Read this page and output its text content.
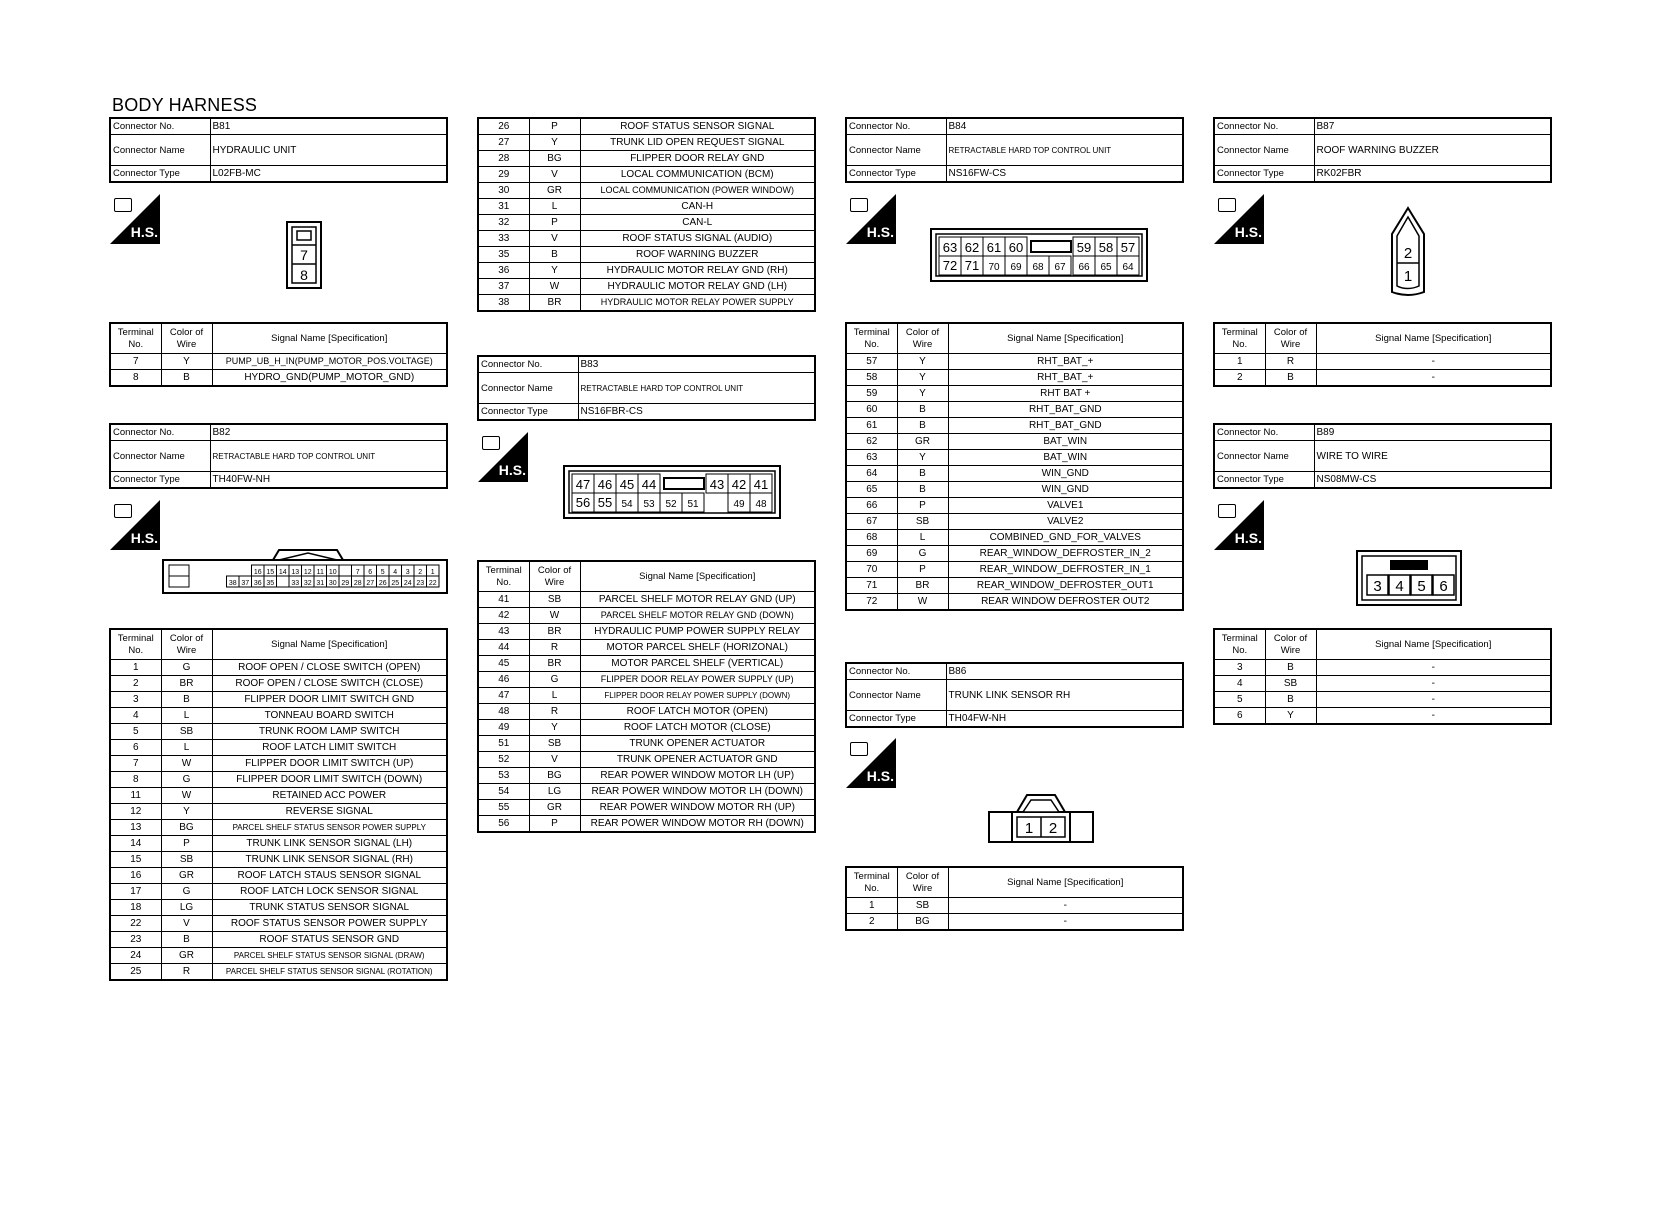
BODY HARNESS
Connector No.	B81
Connector Name	HYDRAULIC UNIT
Connector Type	L02FB-MC
H.S.
7
8
Terminal No.	Color of Wire	Signal Name [Specification]
7	Y	PUMP_UB_H_IN(PUMP_MOTOR_POS.VOLTAGE)
8	B	HYDRO_GND(PUMP_MOTOR_GND)
Connector No.	B82
Connector Name	RETRACTABLE HARD TOP CONTROL UNIT
Connector Type	TH40FW-NH
H.S.
16 15 14 13 12 11 10	7 6 5 4 3 2 1
38 37 36 35 33 32 31 30 29 28 27 26 25 24 23 22
Terminal No.	Color of Wire	Signal Name [Specification]
1	G	ROOF OPEN / CLOSE SWITCH (OPEN)
2	BR	ROOF OPEN / CLOSE SWITCH (CLOSE)
3	B	FLIPPER DOOR LIMIT SWITCH GND
4	L	TONNEAU BOARD SWITCH
5	SB	TRUNK ROOM LAMP SWITCH
6	L	ROOF LATCH LIMIT SWITCH
7	W	FLIPPER DOOR LIMIT SWITCH (UP)
8	G	FLIPPER DOOR LIMIT SWITCH (DOWN)
11	W	RETAINED ACC POWER
12	Y	REVERSE SIGNAL
13	BG	PARCEL SHELF STATUS SENSOR POWER SUPPLY
14	P	TRUNK LINK SENSOR SIGNAL (LH)
15	SB	TRUNK LINK SENSOR SIGNAL (RH)
16	GR	ROOF LATCH STAUS SENSOR SIGNAL
17	G	ROOF LATCH LOCK SENSOR SIGNAL
18	LG	TRUNK STATUS SENSOR SIGNAL
22	V	ROOF STATUS SENSOR POWER SUPPLY
23	B	ROOF STATUS SENSOR GND
24	GR	PARCEL SHELF STATUS SENSOR SIGNAL (DRAW)
25	R	PARCEL SHELF STATUS SENSOR SIGNAL (ROTATION)
26	P	ROOF STATUS SENSOR SIGNAL
27	Y	TRUNK LID OPEN REQUEST SIGNAL
28	BG	FLIPPER DOOR RELAY GND
29	V	LOCAL COMMUNICATION (BCM)
30	GR	LOCAL COMMUNICATION (POWER WINDOW)
31	L	CAN-H
32	P	CAN-L
33	V	ROOF STATUS SIGNAL (AUDIO)
35	B	ROOF WARNING BUZZER
36	Y	HYDRAULIC MOTOR RELAY GND (RH)
37	W	HYDRAULIC MOTOR RELAY GND (LH)
38	BR	HYDRAULIC MOTOR RELAY POWER SUPPLY
Connector No.	B83
Connector Name	RETRACTABLE HARD TOP CONTROL UNIT
Connector Type	NS16FBR-CS
H.S.
47 46 45 44	43 42 41
56 55 54 53 52 51	49 48
Terminal No.	Color of Wire	Signal Name [Specification]
41	SB	PARCEL SHELF MOTOR RELAY GND (UP)
42	W	PARCEL SHELF MOTOR RELAY GND (DOWN)
43	BR	HYDRAULIC PUMP POWER SUPPLY RELAY
44	R	MOTOR PARCEL SHELF (HORIZONAL)
45	BR	MOTOR PARCEL SHELF (VERTICAL)
46	G	FLIPPER DOOR RELAY POWER SUPPLY (UP)
47	L	FLIPPER DOOR RELAY POWER SUPPLY (DOWN)
48	R	ROOF LATCH MOTOR (OPEN)
49	Y	ROOF LATCH MOTOR (CLOSE)
51	SB	TRUNK OPENER ACTUATOR
52	V	TRUNK OPENER ACTUATOR GND
53	BG	REAR POWER WINDOW MOTOR LH (UP)
54	LG	REAR POWER WINDOW MOTOR LH (DOWN)
55	GR	REAR POWER WINDOW MOTOR RH (UP)
56	P	REAR POWER WINDOW MOTOR RH (DOWN)
Connector No.	B84
Connector Name	RETRACTABLE HARD TOP CONTROL UNIT
Connector Type	NS16FW-CS
H.S.
63 62 61 60	59 58 57
72 71 70 69 68 67 66 65 64
Terminal No.	Color of Wire	Signal Name [Specification]
57	Y	RHT_BAT_+
58	Y	RHT_BAT_+
59	Y	RHT BAT +
60	B	RHT_BAT_GND
61	B	RHT_BAT_GND
62	GR	BAT_WIN
63	Y	BAT_WIN
64	B	WIN_GND
65	B	WIN_GND
66	P	VALVE1
67	SB	VALVE2
68	L	COMBINED_GND_FOR_VALVES
69	G	REAR_WINDOW_DEFROSTER_IN_2
70	P	REAR_WINDOW_DEFROSTER_IN_1
71	BR	REAR_WINDOW_DEFROSTER_OUT1
72	W	REAR WINDOW DEFROSTER OUT2
Connector No.	B86
Connector Name	TRUNK LINK SENSOR RH
Connector Type	TH04FW-NH
H.S.
1 2
Terminal No.	Color of Wire	Signal Name [Specification]
1	SB	-
2	BG	-
Connector No.	B87
Connector Name	ROOF WARNING BUZZER
Connector Type	RK02FBR
H.S.
2
1
Terminal No.	Color of Wire	Signal Name [Specification]
1	R	-
2	B	-
Connector No.	B89
Connector Name	WIRE TO WIRE
Connector Type	NS08MW-CS
H.S.
3 4 5 6
Terminal No.	Color of Wire	Signal Name [Specification]
3	B	-
4	SB	-
5	B	-
6	Y	-
